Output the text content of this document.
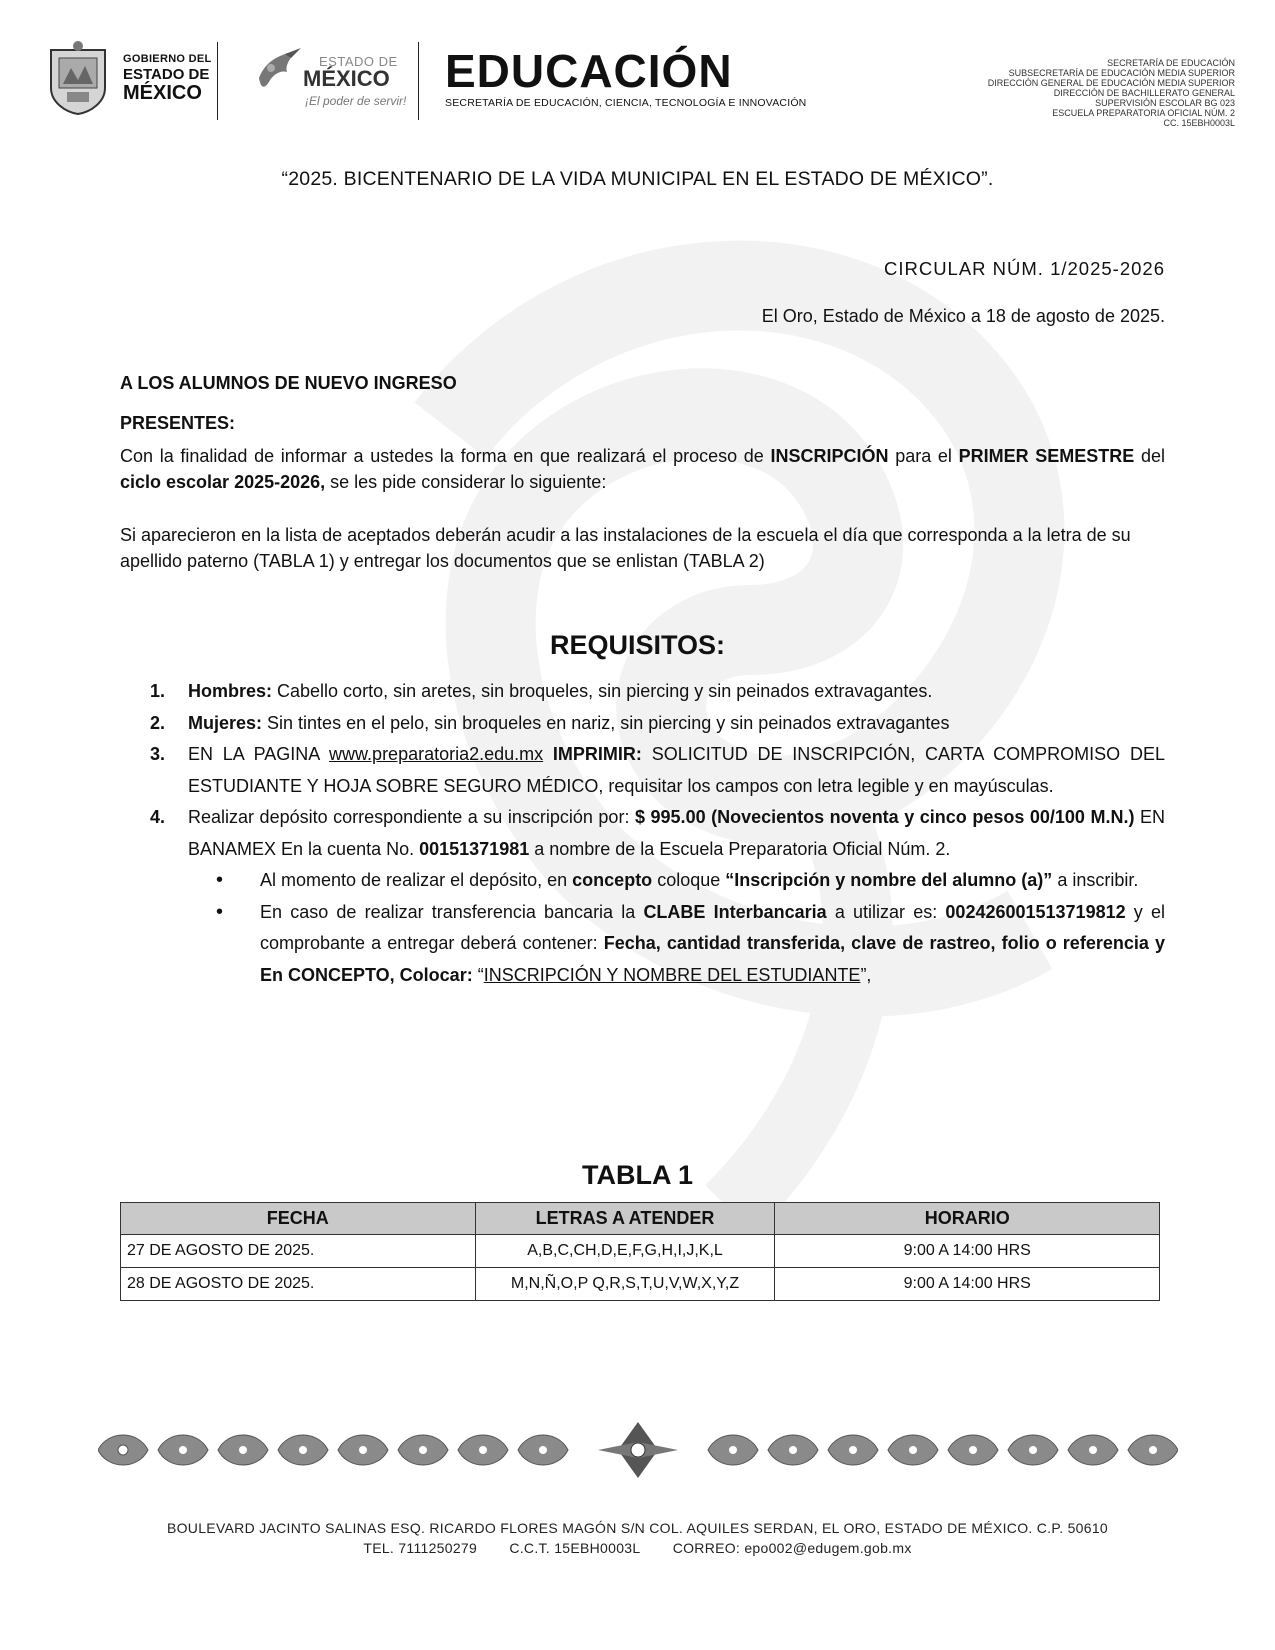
GOBIERNO DEL
ESTADO DE
MÉXICO
ESTADO DE
MÉXICO
¡El poder de servir!
EDUCACIÓN
SECRETARÍA DE EDUCACIÓN, CIENCIA, TECNOLOGÍA E INNOVACIÓN
SECRETARÍA DE EDUCACIÓN
SUBSECRETARÍA DE EDUCACIÓN MEDIA SUPERIOR
DIRECCIÓN GENERAL DE EDUCACIÓN MEDIA SUPERIOR
DIRECCIÓN DE BACHILLERATO GENERAL
SUPERVISIÓN ESCOLAR BG 023
ESCUELA PREPARATORIA OFICIAL NÚM. 2
CC. 15EBH0003L
“2025. BICENTENARIO DE LA VIDA MUNICIPAL EN EL ESTADO DE MÉXICO”.
CIRCULAR NÚM. 1/2025-2026
El Oro, Estado de México a 18 de agosto de 2025.
A LOS ALUMNOS DE NUEVO INGRESO
PRESENTES:
Con la finalidad de informar a ustedes la forma en que realizará el proceso de INSCRIPCIÓN para el PRIMER SEMESTRE del ciclo escolar 2025-2026, se les pide considerar lo siguiente:
Si aparecieron en la lista de aceptados deberán acudir a las instalaciones de la escuela el día que corresponda a la letra de su apellido paterno (TABLA 1) y entregar los documentos que se enlistan (TABLA 2)
REQUISITOS:
1. Hombres: Cabello corto, sin aretes, sin broqueles, sin piercing y sin peinados extravagantes.
2. Mujeres: Sin tintes en el pelo, sin broqueles en nariz, sin piercing y sin peinados extravagantes
3. EN LA PAGINA www.preparatoria2.edu.mx IMPRIMIR: SOLICITUD DE INSCRIPCIÓN, CARTA COMPROMISO DEL ESTUDIANTE Y HOJA SOBRE SEGURO MÉDICO, requisitar los campos con letra legible y en mayúsculas.
4. Realizar depósito correspondiente a su inscripción por: $ 995.00 (Novecientos noventa y cinco pesos 00/100 M.N.) EN BANAMEX En la cuenta No. 00151371981 a nombre de la Escuela Preparatoria Oficial Núm. 2.
• Al momento de realizar el depósito, en concepto coloque “Inscripción y nombre del alumno (a)” a inscribir.
• En caso de realizar transferencia bancaria la CLABE Interbancaria a utilizar es: 002426001513719812 y el comprobante a entregar deberá contener: Fecha, cantidad transferida, clave de rastreo, folio o referencia y En CONCEPTO, Colocar: “INSCRIPCIÓN Y NOMBRE DEL ESTUDIANTE”,
TABLA 1
FECHA	LETRAS A ATENDER	HORARIO
27 DE AGOSTO DE 2025.	A,B,C,CH,D,E,F,G,H,I,J,K,L	9:00 A 14:00 HRS
28 DE AGOSTO DE 2025.	M,N,Ñ,O,P Q,R,S,T,U,V,W,X,Y,Z	9:00 A 14:00 HRS
BOULEVARD JACINTO SALINAS ESQ. RICARDO FLORES MAGÓN S/N COL. AQUILES SERDAN, EL ORO, ESTADO DE MÉXICO. C.P. 50610
TEL. 7111250279 C.C.T. 15EBH0003L CORREO: epo002@edugem.gob.mx
